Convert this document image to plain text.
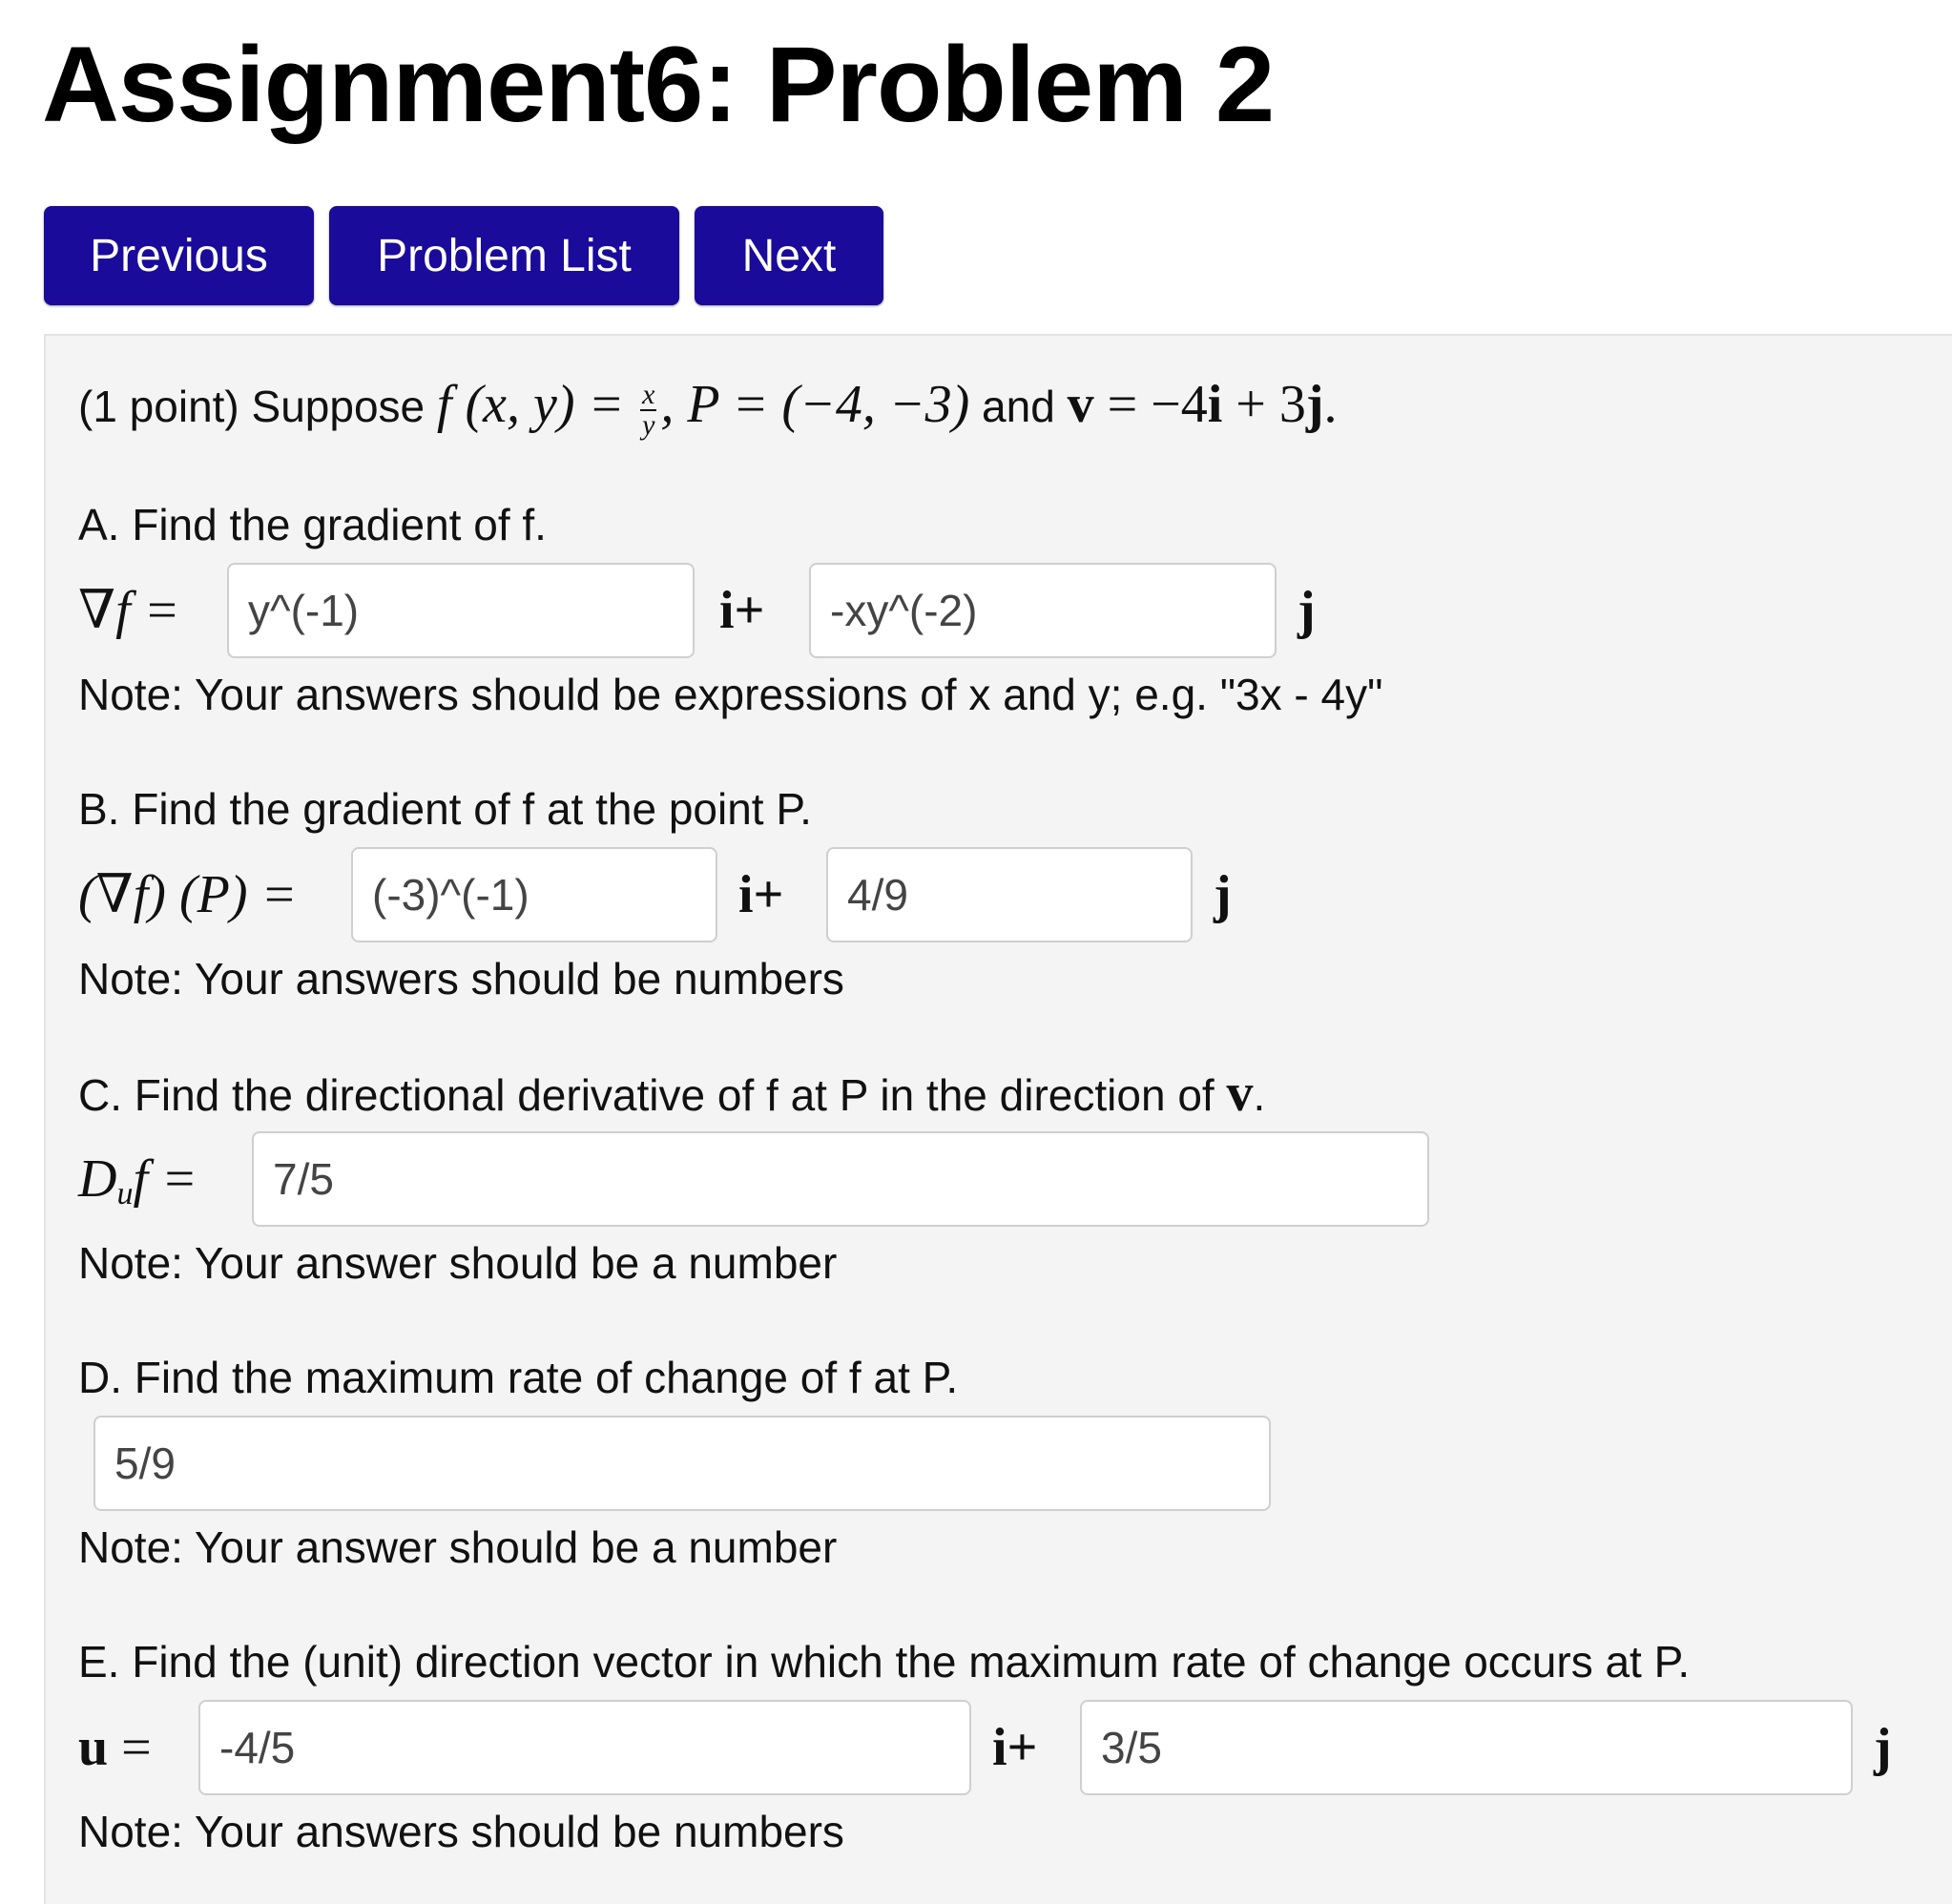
Assignment6: Problem 2
Previous	Problem List	Next
(1 point) Suppose f (x, $y) = \frac{x}{y}$ , P = (−4, −3) and v = −4i + 3j.
A. Find the gradient of f.
∇f =
y^(-1)	i+
-xy^(-2)	j
Note: Your answers should be expressions of x and y; e.g. "3x - 4y"
B. Find the gradient of f at the point P.
(∇f) (P) =
(-3)^(-1)	i+
4/9	j
Note: Your answers should be numbers
C. Find the directional derivative of f at P in the direction of v.
$D_uf$ =
7/5
Note: Your answer should be a number
D. Find the maximum rate of change of f at P.
5/9
Note: Your answer should be a number
E. Find the (unit) direction vector in which the maximum rate of change occurs at P.
u =
-4/5	i+
3/5	j
Note: Your answers should be numbers
